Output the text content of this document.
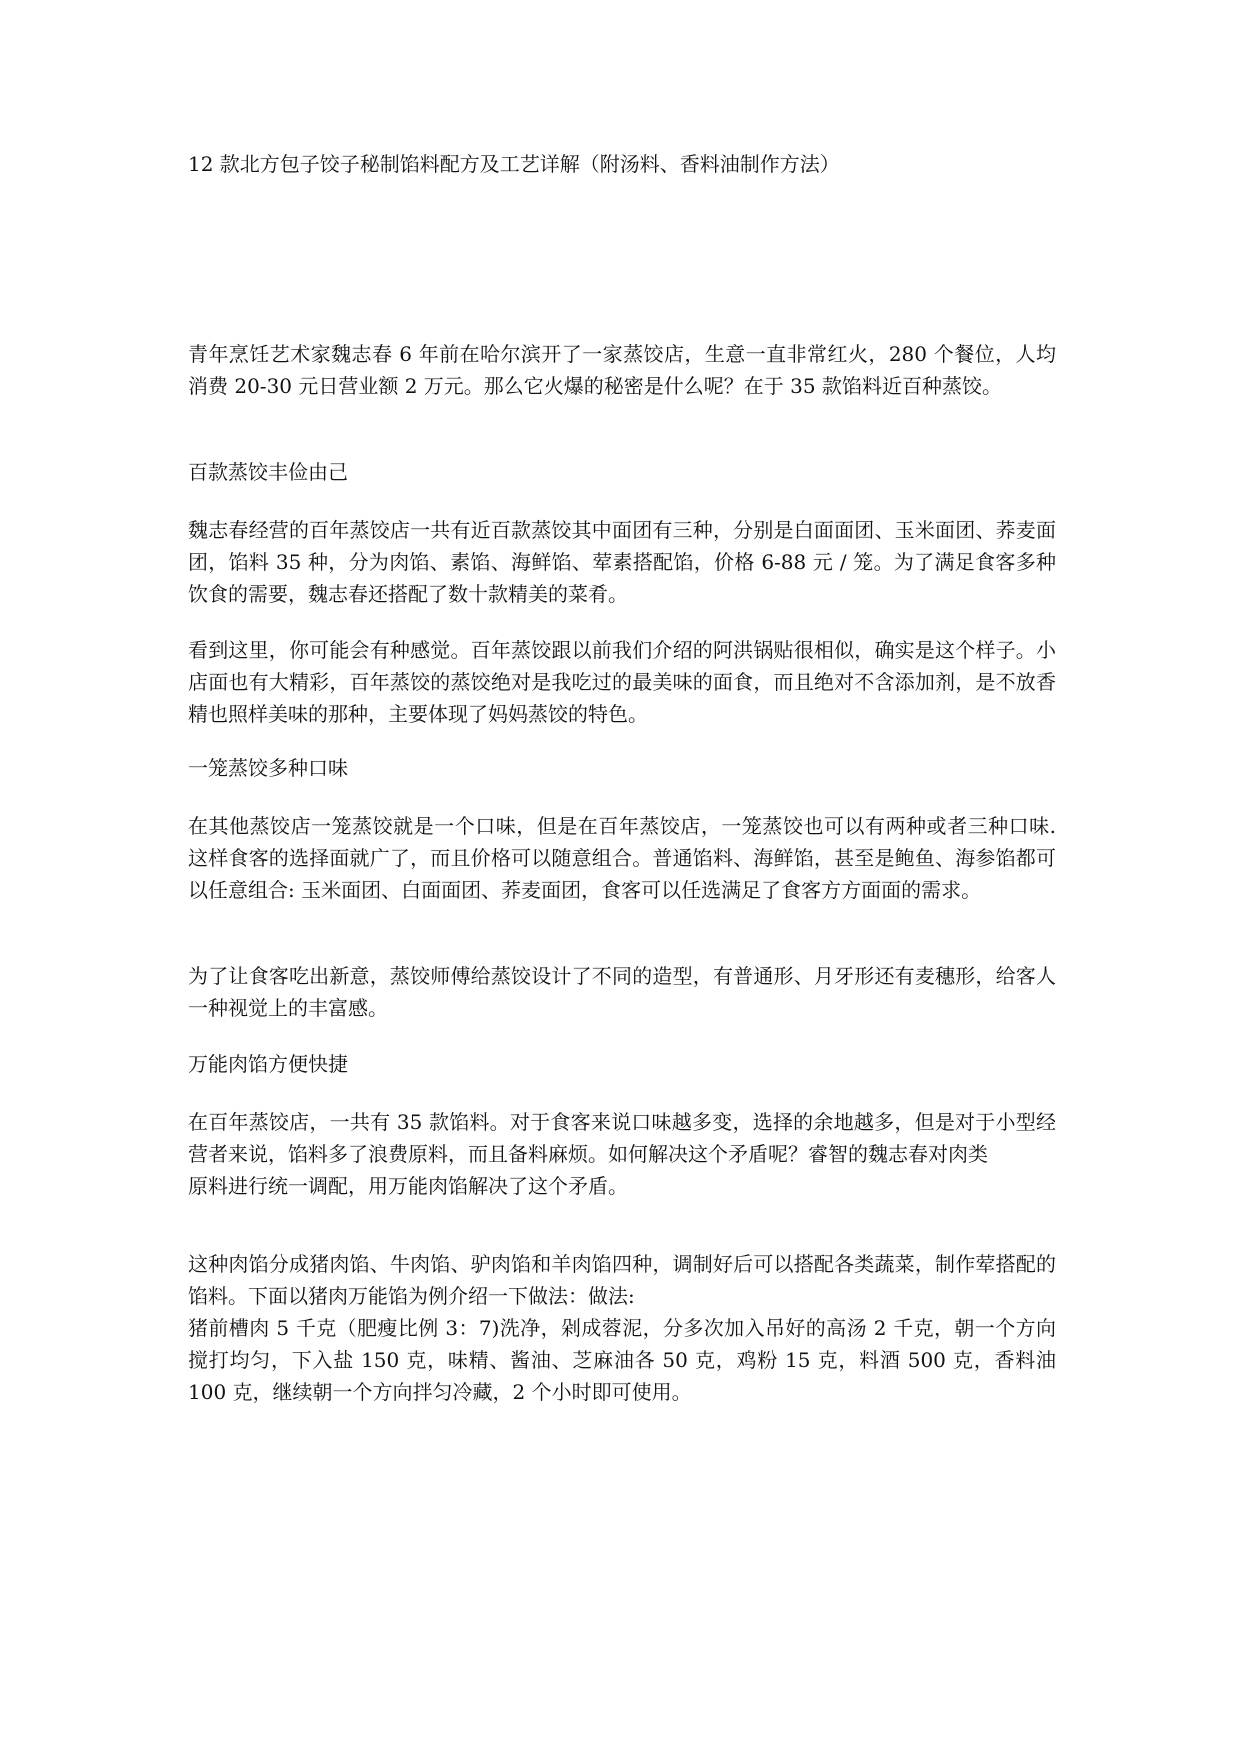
12 款北方包子饺子秘制馅料配方及工艺详解（附汤料、香料油制作方法）

青年烹饪艺术家魏志春 6 年前在哈尔滨开了一家蒸饺店，生意一直非常红火，280 个餐位，人均消费 20-30 元日营业额 2 万元。那么它火爆的秘密是什么呢？在于 35 款馅料近百种蒸饺。

百款蒸饺丰俭由己

魏志春经营的百年蒸饺店一共有近百款蒸饺其中面团有三种，分别是白面面团、玉米面团、荞麦面团，馅料 35 种，分为肉馅、素馅、海鲜馅、荤素搭配馅，价格 6-88 元 / 笼。为了满足食客多种饮食的需要，魏志春还搭配了数十款精美的菜肴。

看到这里，你可能会有种感觉。百年蒸饺跟以前我们介绍的阿洪锅贴很相似，确实是这个样子。小店面也有大精彩，百年蒸饺的蒸饺绝对是我吃过的最美味的面食，而且绝对不含添加剂，是不放香精也照样美味的那种，主要体现了妈妈蒸饺的特色。

一笼蒸饺多种口味

在其他蒸饺店一笼蒸饺就是一个口味，但是在百年蒸饺店，一笼蒸饺也可以有两种或者三种口味. 这样食客的选择面就广了，而且价格可以随意组合。普通馅料、海鲜馅，甚至是鲍鱼、海参馅都可以任意组合: 玉米面团、白面面团、荞麦面团，食客可以任选满足了食客方方面面的需求。

为了让食客吃出新意，蒸饺师傅给蒸饺设计了不同的造型，有普通形、月牙形还有麦穗形，给客人一种视觉上的丰富感。

万能肉馅方便快捷

在百年蒸饺店，一共有 35 款馅料。对于食客来说口味越多变，选择的余地越多，但是对于小型经营者来说，馅料多了浪费原料，而且备料麻烦。如何解决这个矛盾呢？睿智的魏志春对肉类

原料进行统一调配，用万能肉馅解决了这个矛盾。

这种肉馅分成猪肉馅、牛肉馅、驴肉馅和羊肉馅四种，调制好后可以搭配各类蔬菜，制作荤搭配的馅料。下面以猪肉万能馅为例介绍一下做法：做法:

猪前槽肉 5 千克（肥瘦比例 3：7)洗净，剁成蓉泥，分多次加入吊好的高汤 2 千克，朝一个方向搅打均匀，下入盐 150 克，味精、酱油、芝麻油各 50 克，鸡粉 15 克，料酒 500 克，香料油 100 克，继续朝一个方向拌匀冷藏，2 个小时即可使用。
